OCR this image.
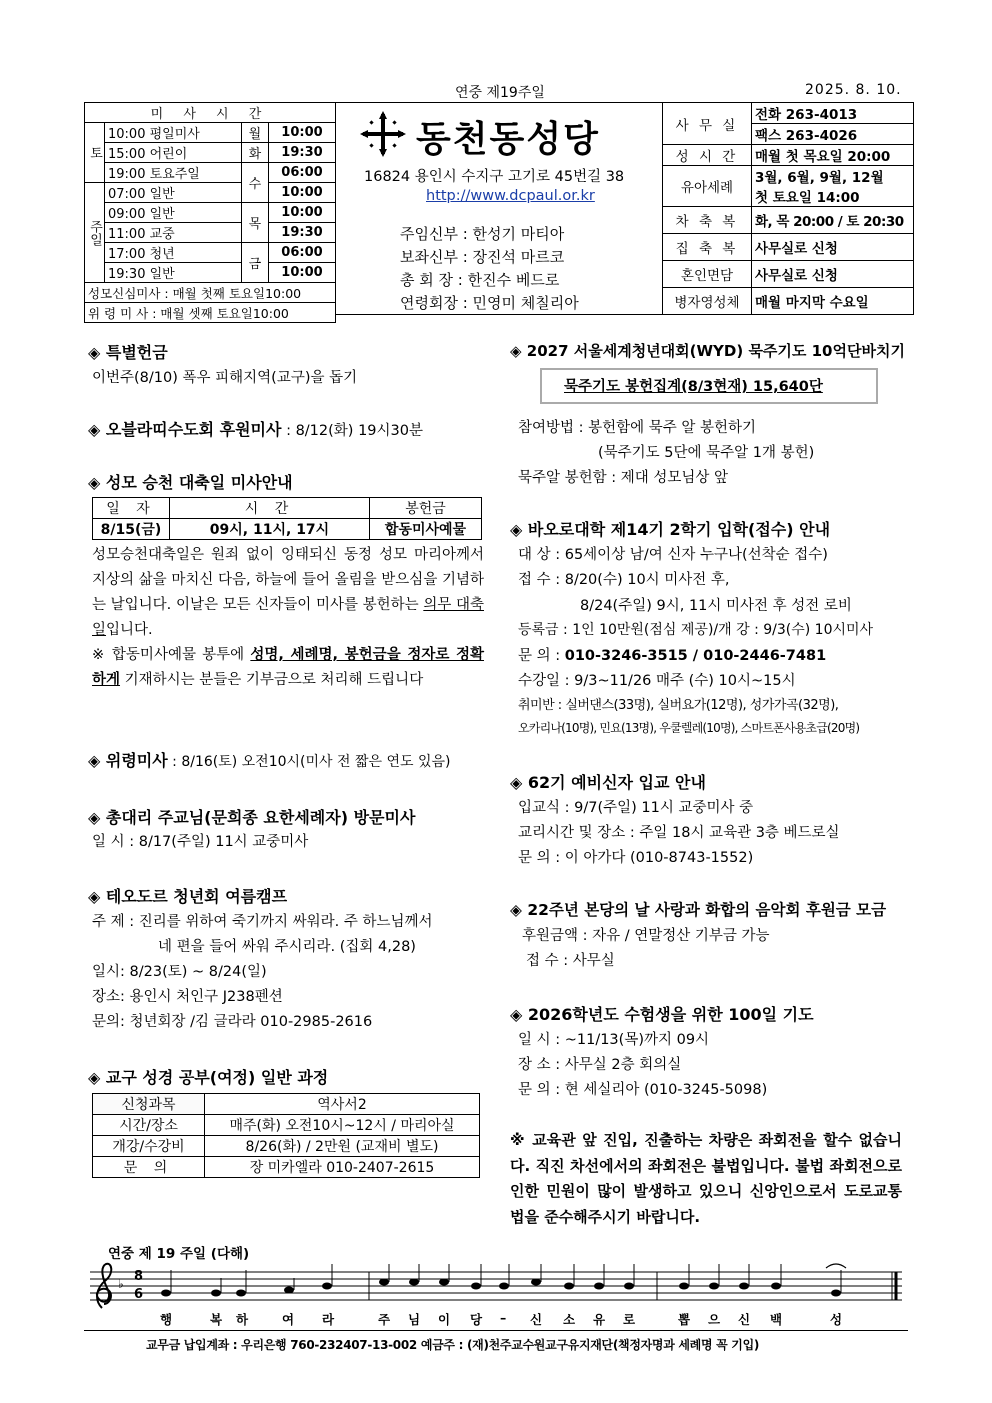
연중 제19주일	2025. 8. 10.
미 사 시 간			
토	10:00 평일미사	월	10:00
	15:00 어린이	화	19:30
	19:00 토요주일	수	06:00
주일	07:00 일반		10:00
	09:00 일반	목	10:00
	11:00 교중		19:30
	17:00 청년	금	06:00
	19:30 일반		10:00
성모신심미사 : 매월 첫째 토요일10:00			
위 령 미 사 : 매월 셋째 토요일10:00			
동천동성당
16824 용인시 수지구 고기로 45번길 38
http://www.dcpaul.or.kr
주임신부 : 한성기 마티아
보좌신부 : 장진석 마르코
총 회 장 : 한진수 베드로
연령회장 : 민영미 체칠리아
사 무 실	전화 263-4013
	팩스 263-4026
성 시 간	매월 첫 목요일 20:00
유아세례	3월, 6월, 9월, 12월
	첫 토요일 14:00
차 축 복	화, 목 20:00 / 토 20:30
집 축 복	사무실로 신청
혼인면담	사무실로 신청
병자영성체	매월 마지막 수요일
◈ 특별헌금
이번주(8/10) 폭우 피해지역(교구)을 돕기
◈ 오블라띠수도회 후원미사 : 8/12(화) 19시30분
◈ 성모 승천 대축일 미사안내
일 자	시 간	봉헌금
8/15(금)	09시, 11시, 17시	합동미사예물
성모승천대축일은 원죄 없이 잉태되신 동정 성모 마리아께서 지상의 삶을 마치신 다음, 하늘에 들어 올림을 받으심을 기념하는 날입니다. 이날은 모든 신자들이 미사를 봉헌하는 의무 대축일입니다.
※ 합동미사예물 봉투에 성명, 세례명, 봉헌금을 정자로 정확하게 기재하시는 분들은 기부금으로 처리해 드립니다
◈ 위령미사 : 8/16(토) 오전10시(미사 전 짧은 연도 있음)
◈ 총대리 주교님(문희종 요한세례자) 방문미사
일 시 : 8/17(주일) 11시 교중미사
◈ 테오도르 청년회 여름캠프
주 제 : 진리를 위하여 죽기까지 싸워라. 주 하느님께서
네 편을 들어 싸워 주시리라. (집회 4,28)
일시: 8/23(토) ~ 8/24(일)
장소: 용인시 처인구 J238펜션
문의: 청년회장 /김 글라라 010-2985-2616
◈ 교구 성경 공부(여정) 일반 과정
신청과목	역사서2
시간/장소	매주(화) 오전10시~12시 / 마리아실
개강/수강비	8/26(화) / 2만원 (교재비 별도)
문 의	장 미카엘라 010-2407-2615
◈ 2027 서울세계청년대회(WYD) 묵주기도 10억단바치기
묵주기도 봉헌집계(8/3현재) 15,640단
참여방법 : 봉헌함에 묵주 알 봉헌하기
(묵주기도 5단에 묵주알 1개 봉헌)
묵주알 봉헌함 : 제대 성모님상 앞
◈ 바오로대학 제14기 2학기 입학(접수) 안내
대 상 : 65세이상 남/여 신자 누구나(선착순 접수)
접 수 : 8/20(수) 10시 미사전 후,
8/24(주일) 9시, 11시 미사전 후 성전 로비
등록금 : 1인 10만원(점심 제공)/개 강 : 9/3(수) 10시미사
문 의 : 010-3246-3515 / 010-2446-7481
수강일 : 9/3~11/26 매주 (수) 10시~15시
취미반 : 실버댄스(33명), 실버요가(12명), 성가가곡(32명),
오카리나(10명), 민요(13명), 우쿨렐레(10명), 스마트폰사용초급(20명)
◈ 62기 예비신자 입교 안내
입교식 : 9/7(주일) 11시 교중미사 중
교리시간 및 장소 : 주일 18시 교육관 3층 베드로실
문 의 : 이 아가다 (010-8743-1552)
◈ 22주년 본당의 날 사랑과 화합의 음악회 후원금 모금
후원금액 : 자유 / 연말정산 기부금 가능
접 수 : 사무실
◈ 2026학년도 수험생을 위한 100일 기도
일 시 : ~11/13(목)까지 09시
장 소 : 사무실 2층 회의실
문 의 : 현 세실리아 (010-3245-5098)
※ 교육관 앞 진입, 진출하는 차량은 좌회전을 할수 없습니다. 직진 차선에서의 좌회전은 불법입니다. 불법 좌회전으로 인한 민원이 많이 발생하고 있으니 신앙인으로서 도로교통법을 준수해주시기 바랍니다.
연중 제 19 주일 (다해)
♭ 8
6
행	복 하	여 라	주 님 이 당 – 신 소 유 로	뽑 으 신 백	성
교무금 납입계좌 : 우리은행 760-232407-13-002 예금주 : (재)천주교수원교구유지재단(책정자명과 세례명 꼭 기입)
